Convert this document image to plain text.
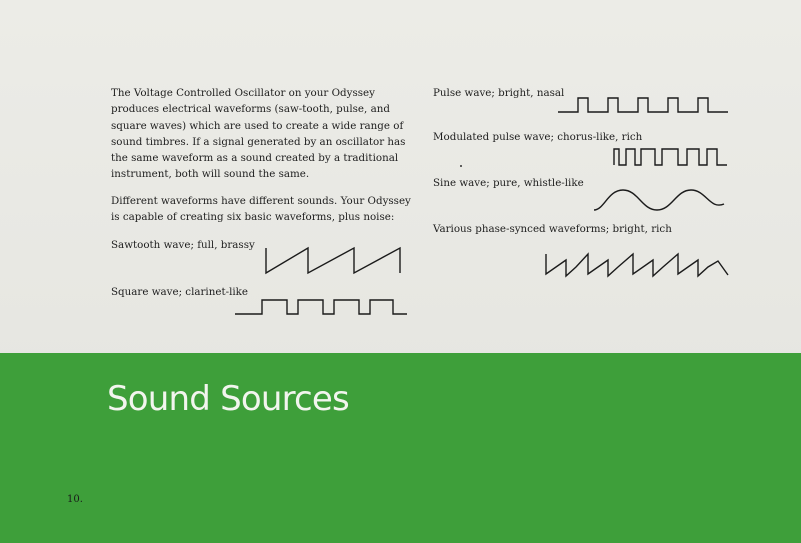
The Voltage Controlled Oscillator on your Odyssey
produces electrical waveforms (saw-tooth, pulse, and
square waves) which are used to create a wide range of
sound timbres. If a signal generated by an oscillator has
the same waveform as a sound created by a traditional
instrument, both will sound the same.

Different waveforms have different sounds. Your Odyssey
is capable of creating six basic waveforms, plus noise:

Sawtooth wave; full, brassy

Square wave; clarinet-like

Pulse wave; bright, nasal

Modulated pulse wave; chorus-like, rich

Sine wave; pure, whistle-like

Various phase-synced waveforms; bright, rich

Sound Sources

10.
